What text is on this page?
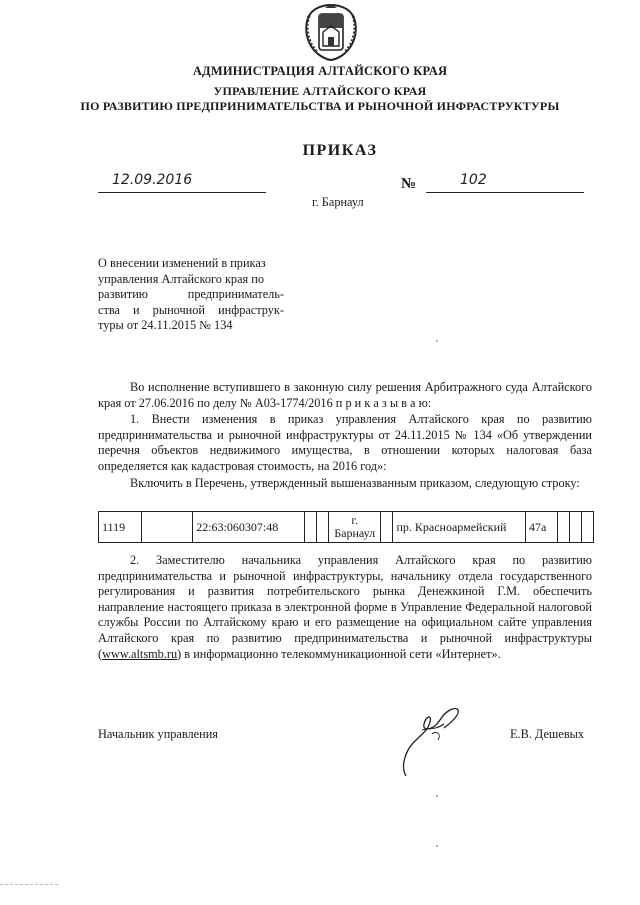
АДМИНИСТРАЦИЯ АЛТАЙСКОГО КРАЯ
УПРАВЛЕНИЕ АЛТАЙСКОГО КРАЯ
ПО РАЗВИТИЮ ПРЕДПРИНИМАТЕЛЬСТВА И РЫНОЧНОЙ ИНФРАСТРУКТУРЫ
ПРИКАЗ
12.09.2016	№	102
г. Барнаул
О внесении изменений в приказ
управления Алтайского края по
развитию	предприниматель-
ства и рыночной инфраструк-
туры от 24.11.2015 № 134
Во исполнение вступившего в законную силу решения Арбитражного суда Алтайского края от 27.06.2016 по делу № А03-1774/2016 п р и к а з ы в а ю:
1. Внести изменения в приказ управления Алтайского края по развитию предпринимательства и рыночной инфраструктуры от 24.11.2015 № 134 «Об утверждении перечня объектов недвижимого имущества, в отношении которых налоговая база определяется как кадастровая стоимость, на 2016 год»:
Включить в Перечень, утвержденный вышеназванным приказом, следующую строку:
1119		22:63:060307:48			г. Барнаул		пр. Красноармейский	47а			
2. Заместителю начальника управления Алтайского края по развитию предпринимательства и рыночной инфраструктуры, начальнику отдела государственного регулирования и развития потребительского рынка Денежкиной Г.М. обеспечить направление настоящего приказа в электронной форме в Управление Федеральной налоговой службы России по Алтайскому краю и его размещение на официальном сайте управления Алтайского края по развитию предпринимательства и рыночной инфраструктуры (www.altsmb.ru) в информационно телекоммуникационной сети «Интернет».
Начальник управления	Е.В. Дешевых
